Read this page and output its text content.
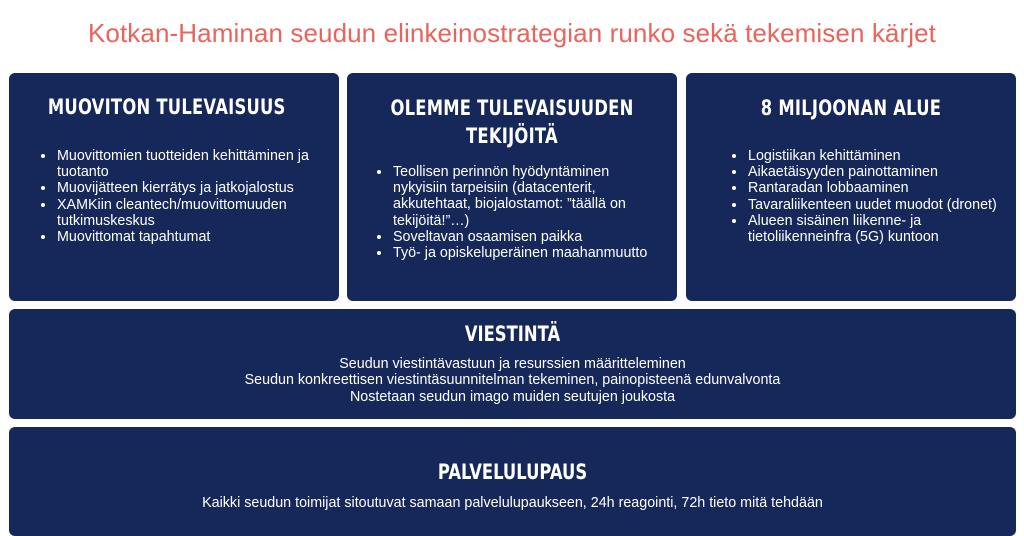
Kotkan-Haminan seudun elinkeinostrategian runko sekä tekemisen kärjet
MUOVITON TULEVAISUUS
Muovittomien tuotteiden kehittäminen ja tuotanto
Muovijätteen kierrätys ja jatkojalostus
XAMKiin cleantech/muovittomuuden tutkimuskeskus
Muovittomat tapahtumat
OLEMME TULEVAISUUDEN TEKIJÖITÄ
Teollisen perinnön hyödyntäminen nykyisiin tarpeisiin (datacenterit, akkutehtaat, biojalostamot: ”täällä on tekijöitä!”…)
Soveltavan osaamisen paikka
Työ- ja opiskeluperäinen maahanmuutto
8 MILJOONAN ALUE
Logistiikan kehittäminen
Aikaetäisyyden painottaminen
Rantaradan lobbaaminen
Tavaraliikenteen uudet muodot (dronet)
Alueen sisäinen liikenne- ja tietoliikenneinfra (5G) kuntoon
VIESTINTÄ
Seudun viestintävastuun ja resurssien määritteleminen
Seudun konkreettisen viestintäsuunnitelman tekeminen, painopisteenä edunvalvonta
Nostetaan seudun imago muiden seutujen joukosta
PALVELULUPAUS
Kaikki seudun toimijat sitoutuvat samaan palvelulupaukseen, 24h reagointi, 72h tieto mitä tehdään
